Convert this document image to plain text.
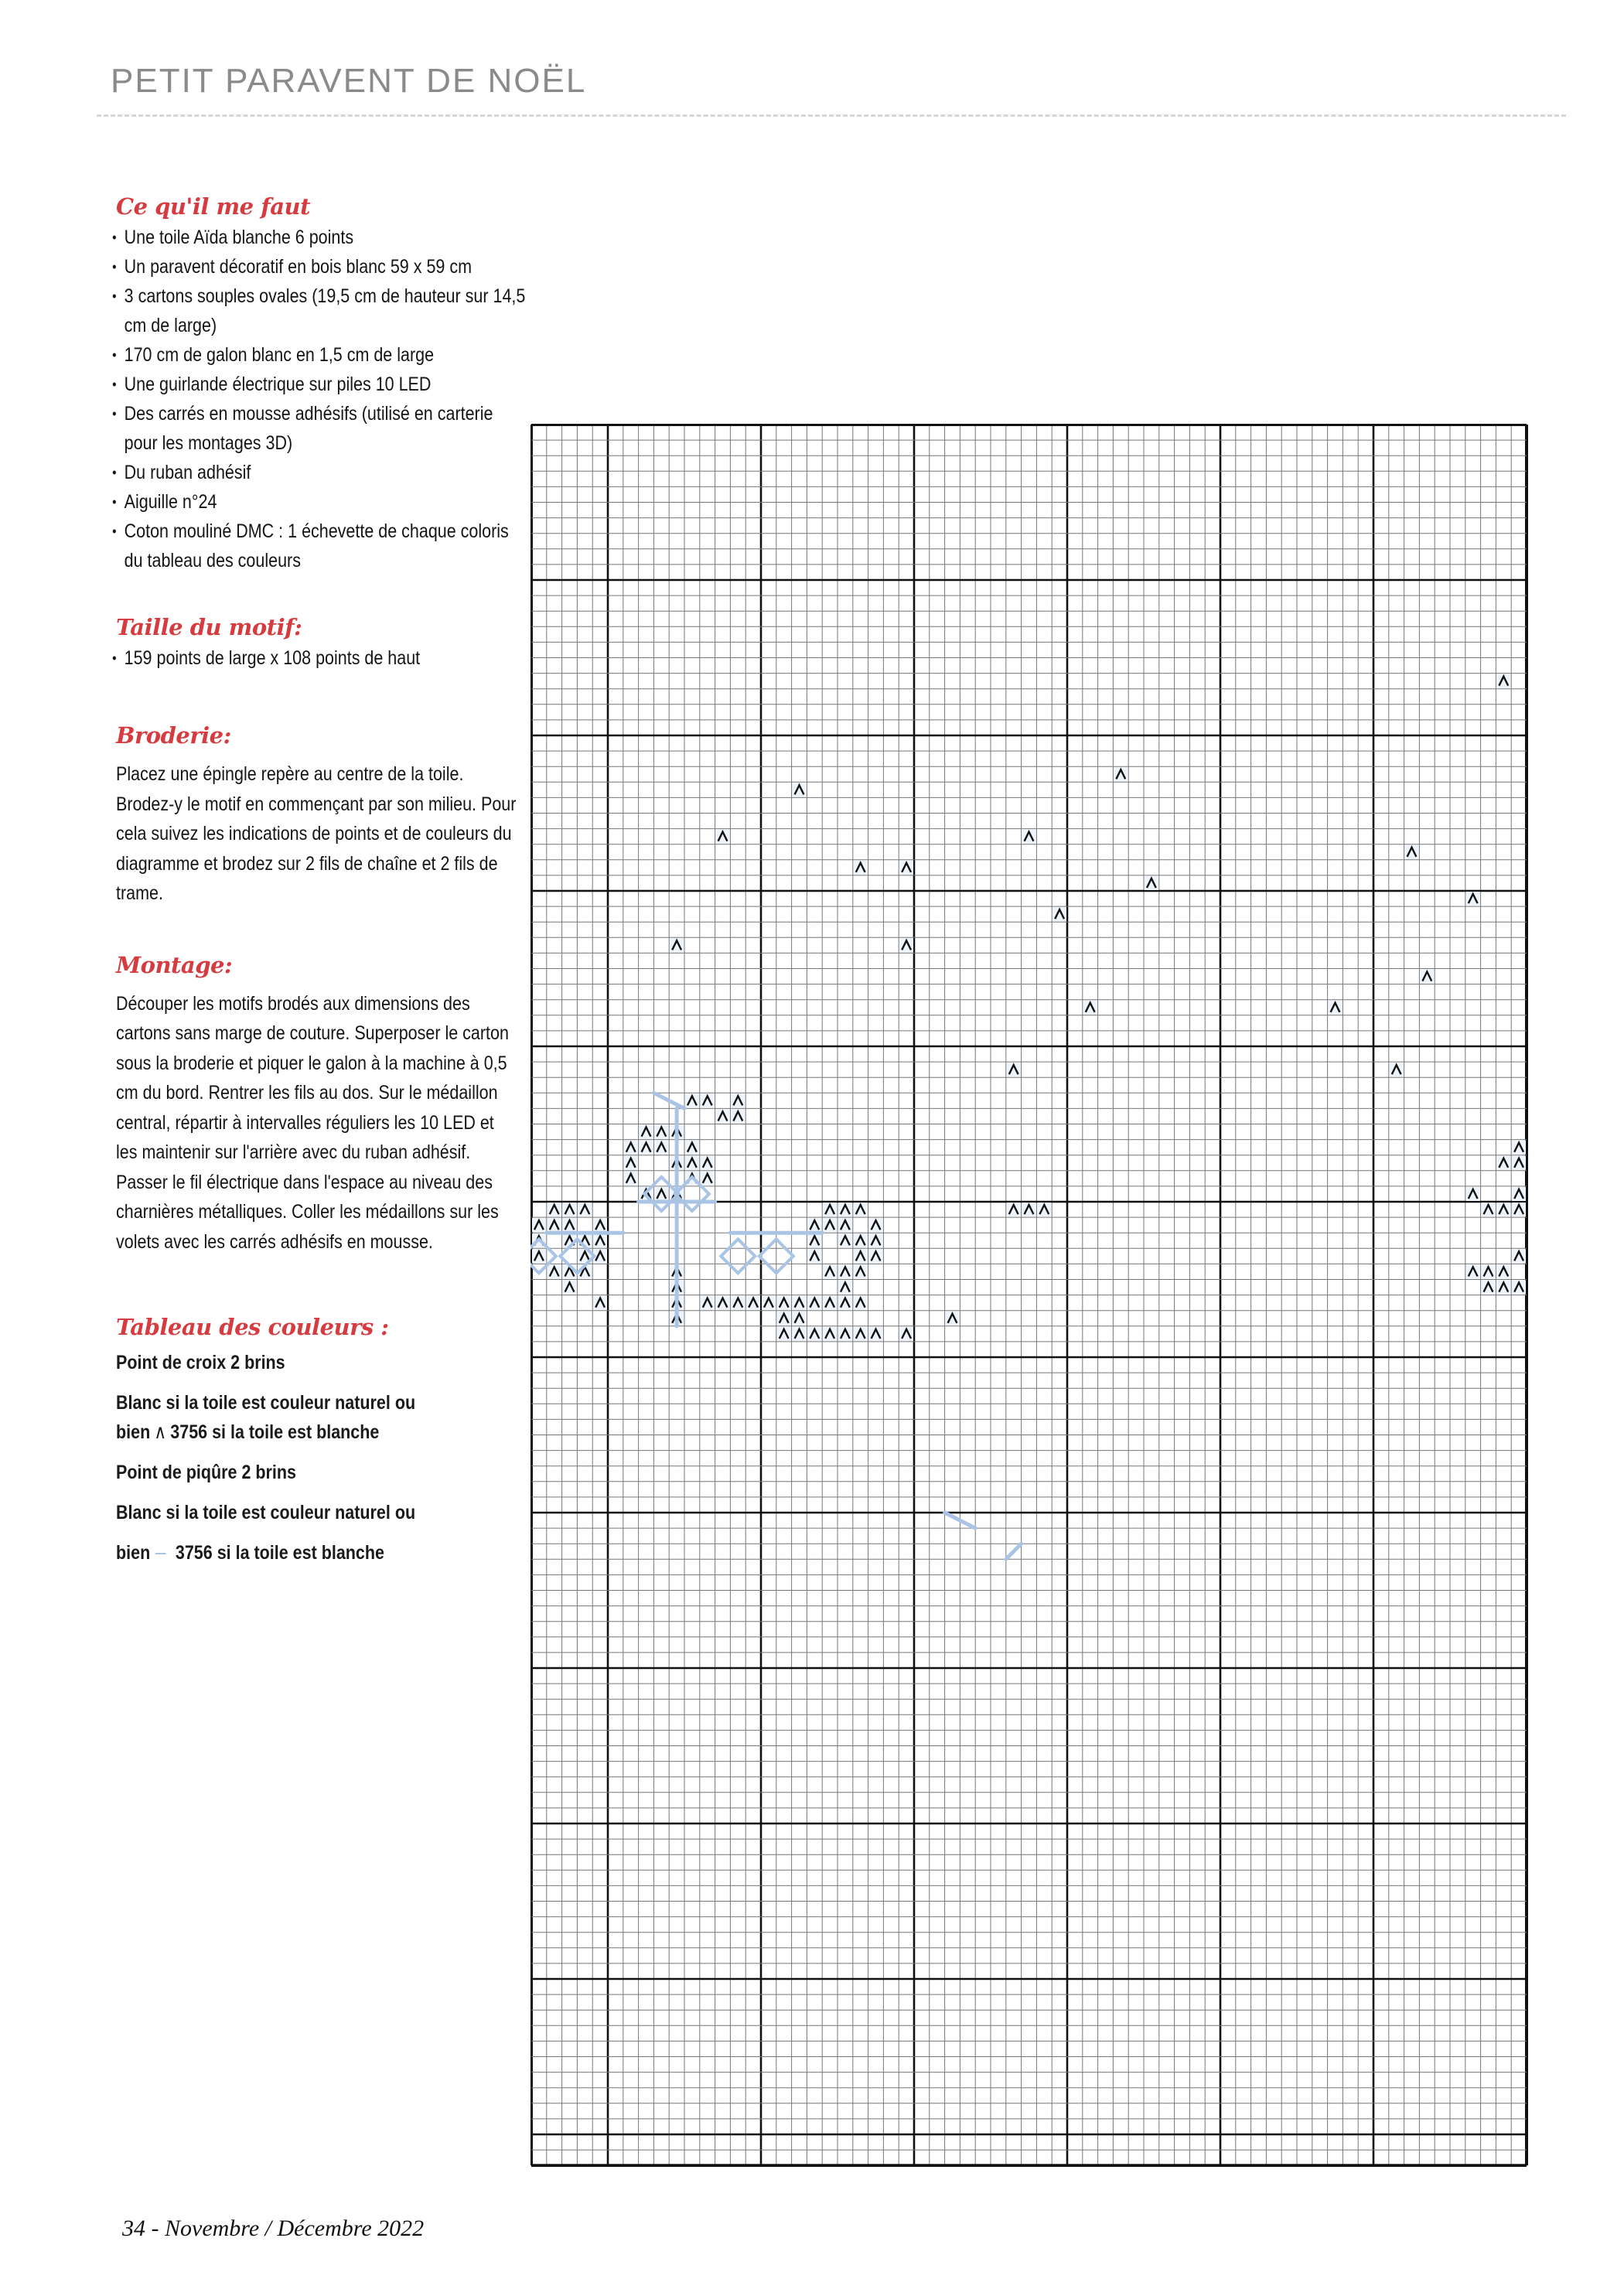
PETIT PARAVENT DE NOËL
Ce qu'il me faut
• Une toile Aïda blanche 6 points
• Un paravent décoratif en bois blanc 59 x 59 cm
• 3 cartons souples ovales (19,5 cm de hauteur sur 14,5 cm de large)
• 170 cm de galon blanc en 1,5 cm de large
• Une guirlande électrique sur piles 10 LED
• Des carrés en mousse adhésifs (utilisé en carterie pour les montages 3D)
• Du ruban adhésif
• Aiguille n°24
• Coton mouliné DMC : 1 échevette de chaque coloris du tableau des couleurs
Taille du motif:
• 159 points de large x 108 points de haut
Broderie:

Placez une épingle repère au centre de la toile. Brodez-y le motif en commençant par son milieu. Pour cela suivez les indications de points et de couleurs du diagramme et brodez sur 2 fils de chaîne et 2 fils de trame.

Montage:

Découper les motifs brodés aux dimensions des cartons sans marge de couture. Superposer le carton sous la broderie et piquer le galon à la machine à 0,5 cm du bord. Rentrer les fils au dos. Sur le médaillon central, répartir à intervalles réguliers les 10 LED et les maintenir sur l'arrière avec du ruban adhésif. Passer le fil électrique dans l'espace au niveau des charnières métalliques. Coller les médaillons sur les volets avec les carrés adhésifs en mousse.

Tableau des couleurs :

Point de croix 2 brins

Blanc si la toile est couleur naturel ou

bien ∧ 3756 si la toile est blanche

Point de piqûre 2 brins

Blanc si la toile est couleur naturel ou

bien 3756 si la toile est blanche

34 - Novembre / Décembre 2022
